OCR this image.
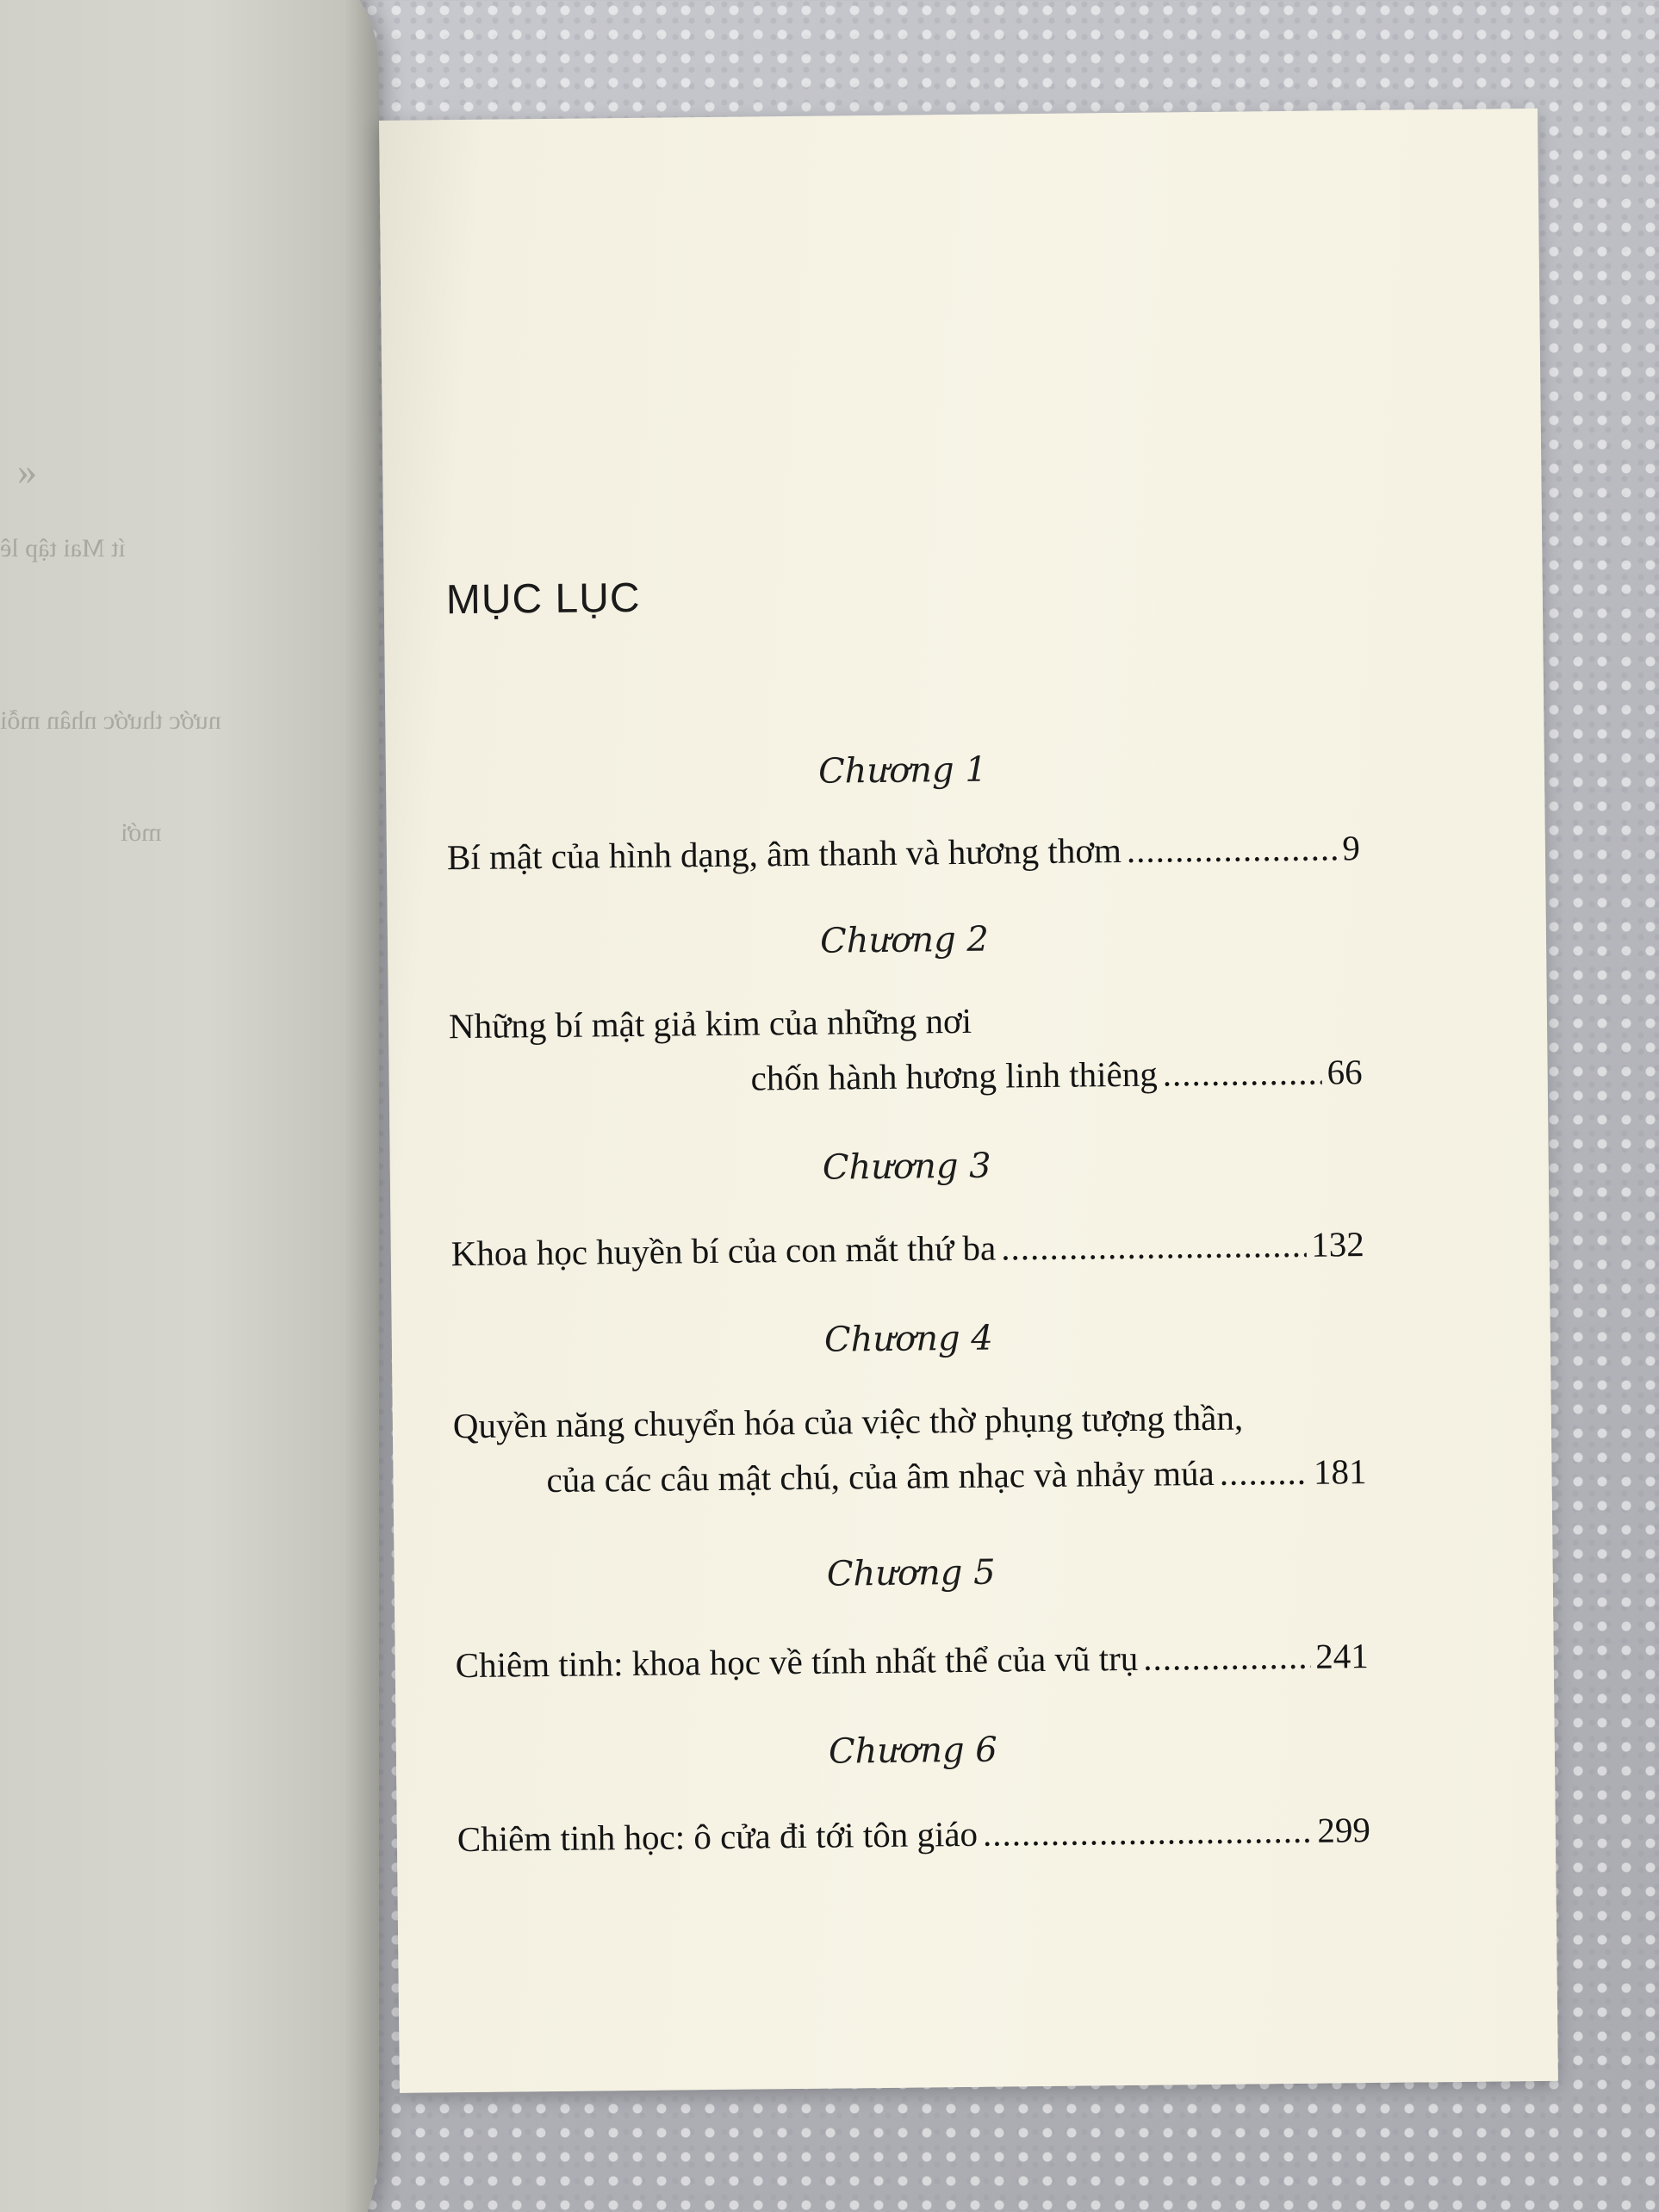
«
ít Mai tập lê
nước thước nhân mỗi
mới
MỤC LỤC
Chương 1
Bí mật của hình dạng, âm thanh và hương thơm .....	9
Chương 2
Những bí mật giả kim của những nơi
chốn hành hương linh thiêng .....	66
Chương 3
Khoa học huyền bí của con mắt thứ ba .....	132
Chương 4
Quyền năng chuyển hóa của việc thờ phụng tượng thần,
của các câu mật chú, của âm nhạc và nhảy múa .....	181
Chương 5
Chiêm tinh: khoa học về tính nhất thể của vũ trụ .....	241
Chương 6
Chiêm tinh học: ô cửa đi tới tôn giáo .....	299
